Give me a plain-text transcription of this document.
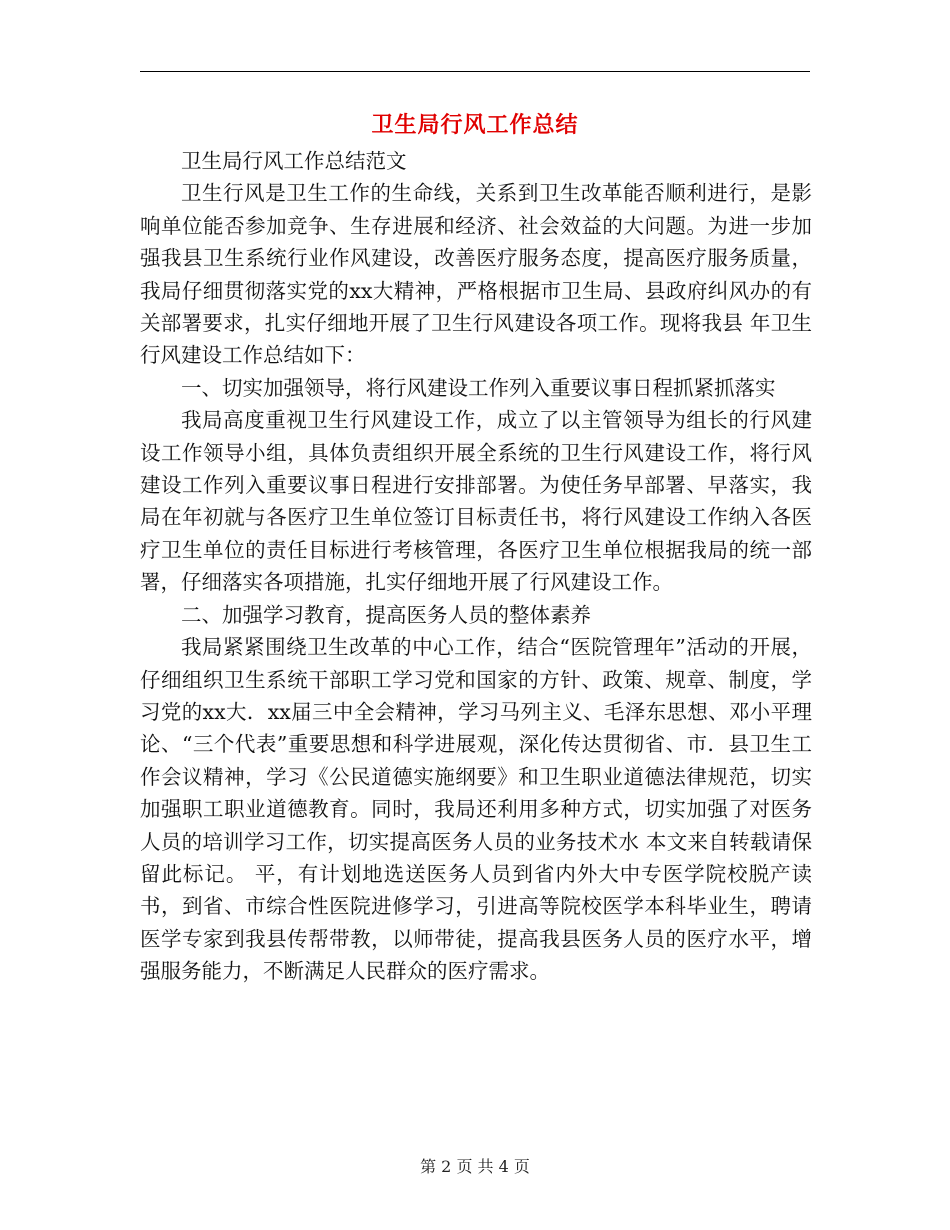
卫生局行风工作总结

卫生局行风工作总结范文

卫生行风是卫生工作的生命线，关系到卫生改革能否顺利进行，是影响单位能否参加竞争、生存进展和经济、社会效益的大问题。为进一步加强我县卫生系统行业作风建设，改善医疗服务态度，提高医疗服务质量，我局仔细贯彻落实党的xx大精神，严格根据市卫生局、县政府纠风办的有关部署要求，扎实仔细地开展了卫生行风建设各项工作。现将我县 年卫生行风建设工作总结如下：

一、切实加强领导，将行风建设工作列入重要议事日程抓紧抓落实

我局高度重视卫生行风建设工作，成立了以主管领导为组长的行风建设工作领导小组，具体负责组织开展全系统的卫生行风建设工作，将行风建设工作列入重要议事日程进行安排部署。为使任务早部署、早落实，我局在年初就与各医疗卫生单位签订目标责任书，将行风建设工作纳入各医疗卫生单位的责任目标进行考核管理，各医疗卫生单位根据我局的统一部署，仔细落实各项措施，扎实仔细地开展了行风建设工作。

二、加强学习教育，提高医务人员的整体素养

我局紧紧围绕卫生改革的中心工作，结合“医院管理年”活动的开展，仔细组织卫生系统干部职工学习党和国家的方针、政策、规章、制度，学习党的xx大．xx届三中全会精神，学习马列主义、毛泽东思想、邓小平理论、“三个代表”重要思想和科学进展观，深化传达贯彻省、市．县卫生工作会议精神，学习《公民道德实施纲要》和卫生职业道德法律规范，切实加强职工职业道德教育。同时，我局还利用多种方式，切实加强了对医务人员的培训学习工作，切实提高医务人员的业务技术水 本文来自转载请保留此标记。 平，有计划地选送医务人员到省内外大中专医学院校脱产读书，到省、市综合性医院进修学习，引进高等院校医学本科毕业生，聘请医学专家到我县传帮带教，以师带徒，提高我县医务人员的医疗水平，增强服务能力，不断满足人民群众的医疗需求。

第 2 页 共 4 页
